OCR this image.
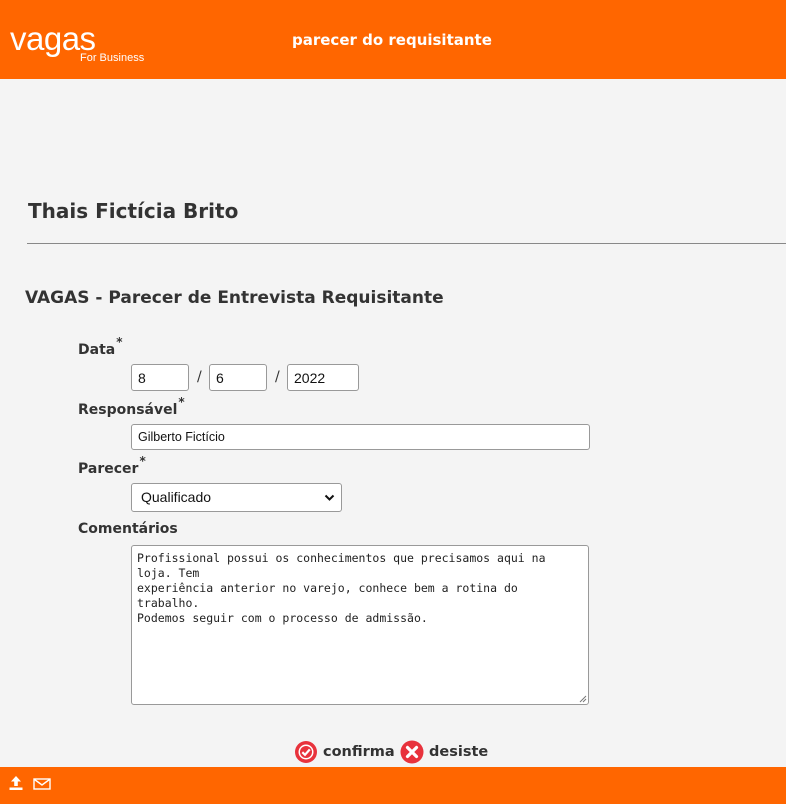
vagas
For Business
parecer do requisitante
Thais Fictícia Brito
VAGAS - Parecer de Entrevista Requisitante
Data*
8
/
6	/
2022
Responsável*
Gilberto Fictício
Parecer*
Qualificado
Comentários
Profissional possui os conhecimentos que precisamos aqui na loja. Tem
experiência anterior no varejo, conhece bem a rotina do trabalho.
Podemos seguir com o processo de admissão.
confirma desiste
